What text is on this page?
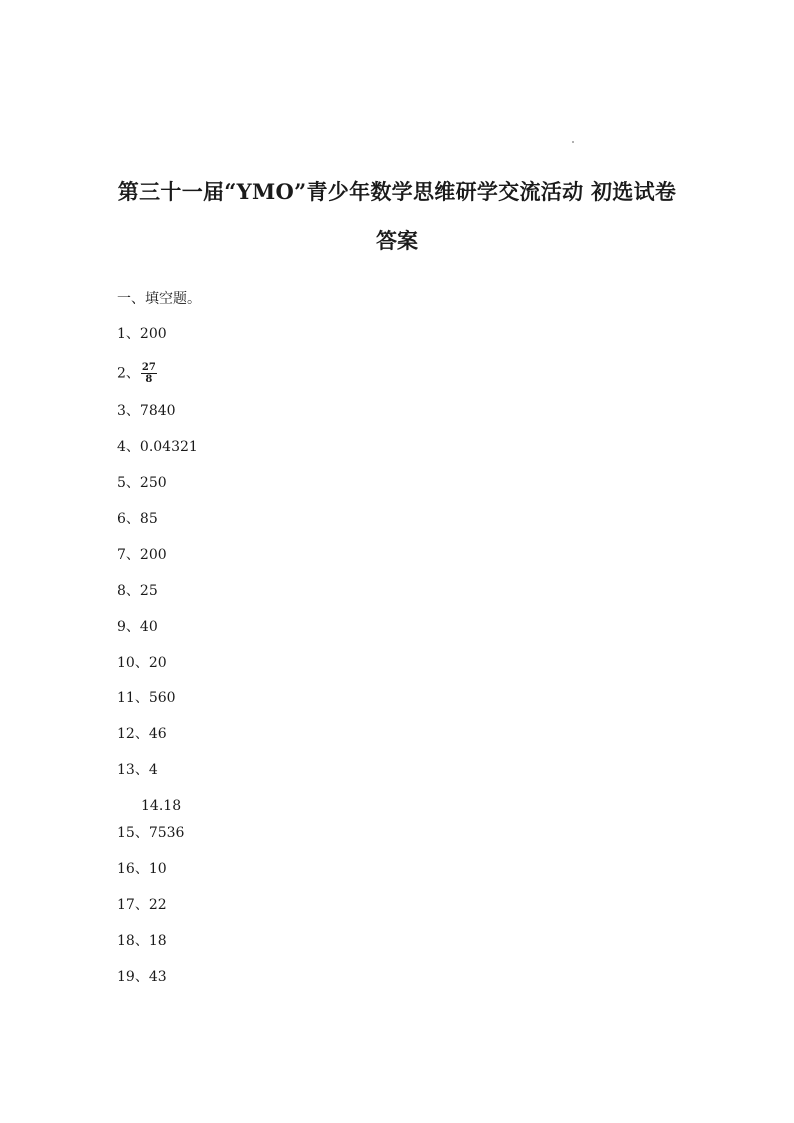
第三十一届“YMO”青少年数学思维研学交流活动 初选试卷
答案
一、填空题。
1、200
2、 $\frac{27}{8}$
3、7840
4、0.04321
5、250
6、85
7、200
8、25
9、40
10、20
11、560
12、46
13、4
14.18
15、7536
16、10
17、22
18、18
19、43
